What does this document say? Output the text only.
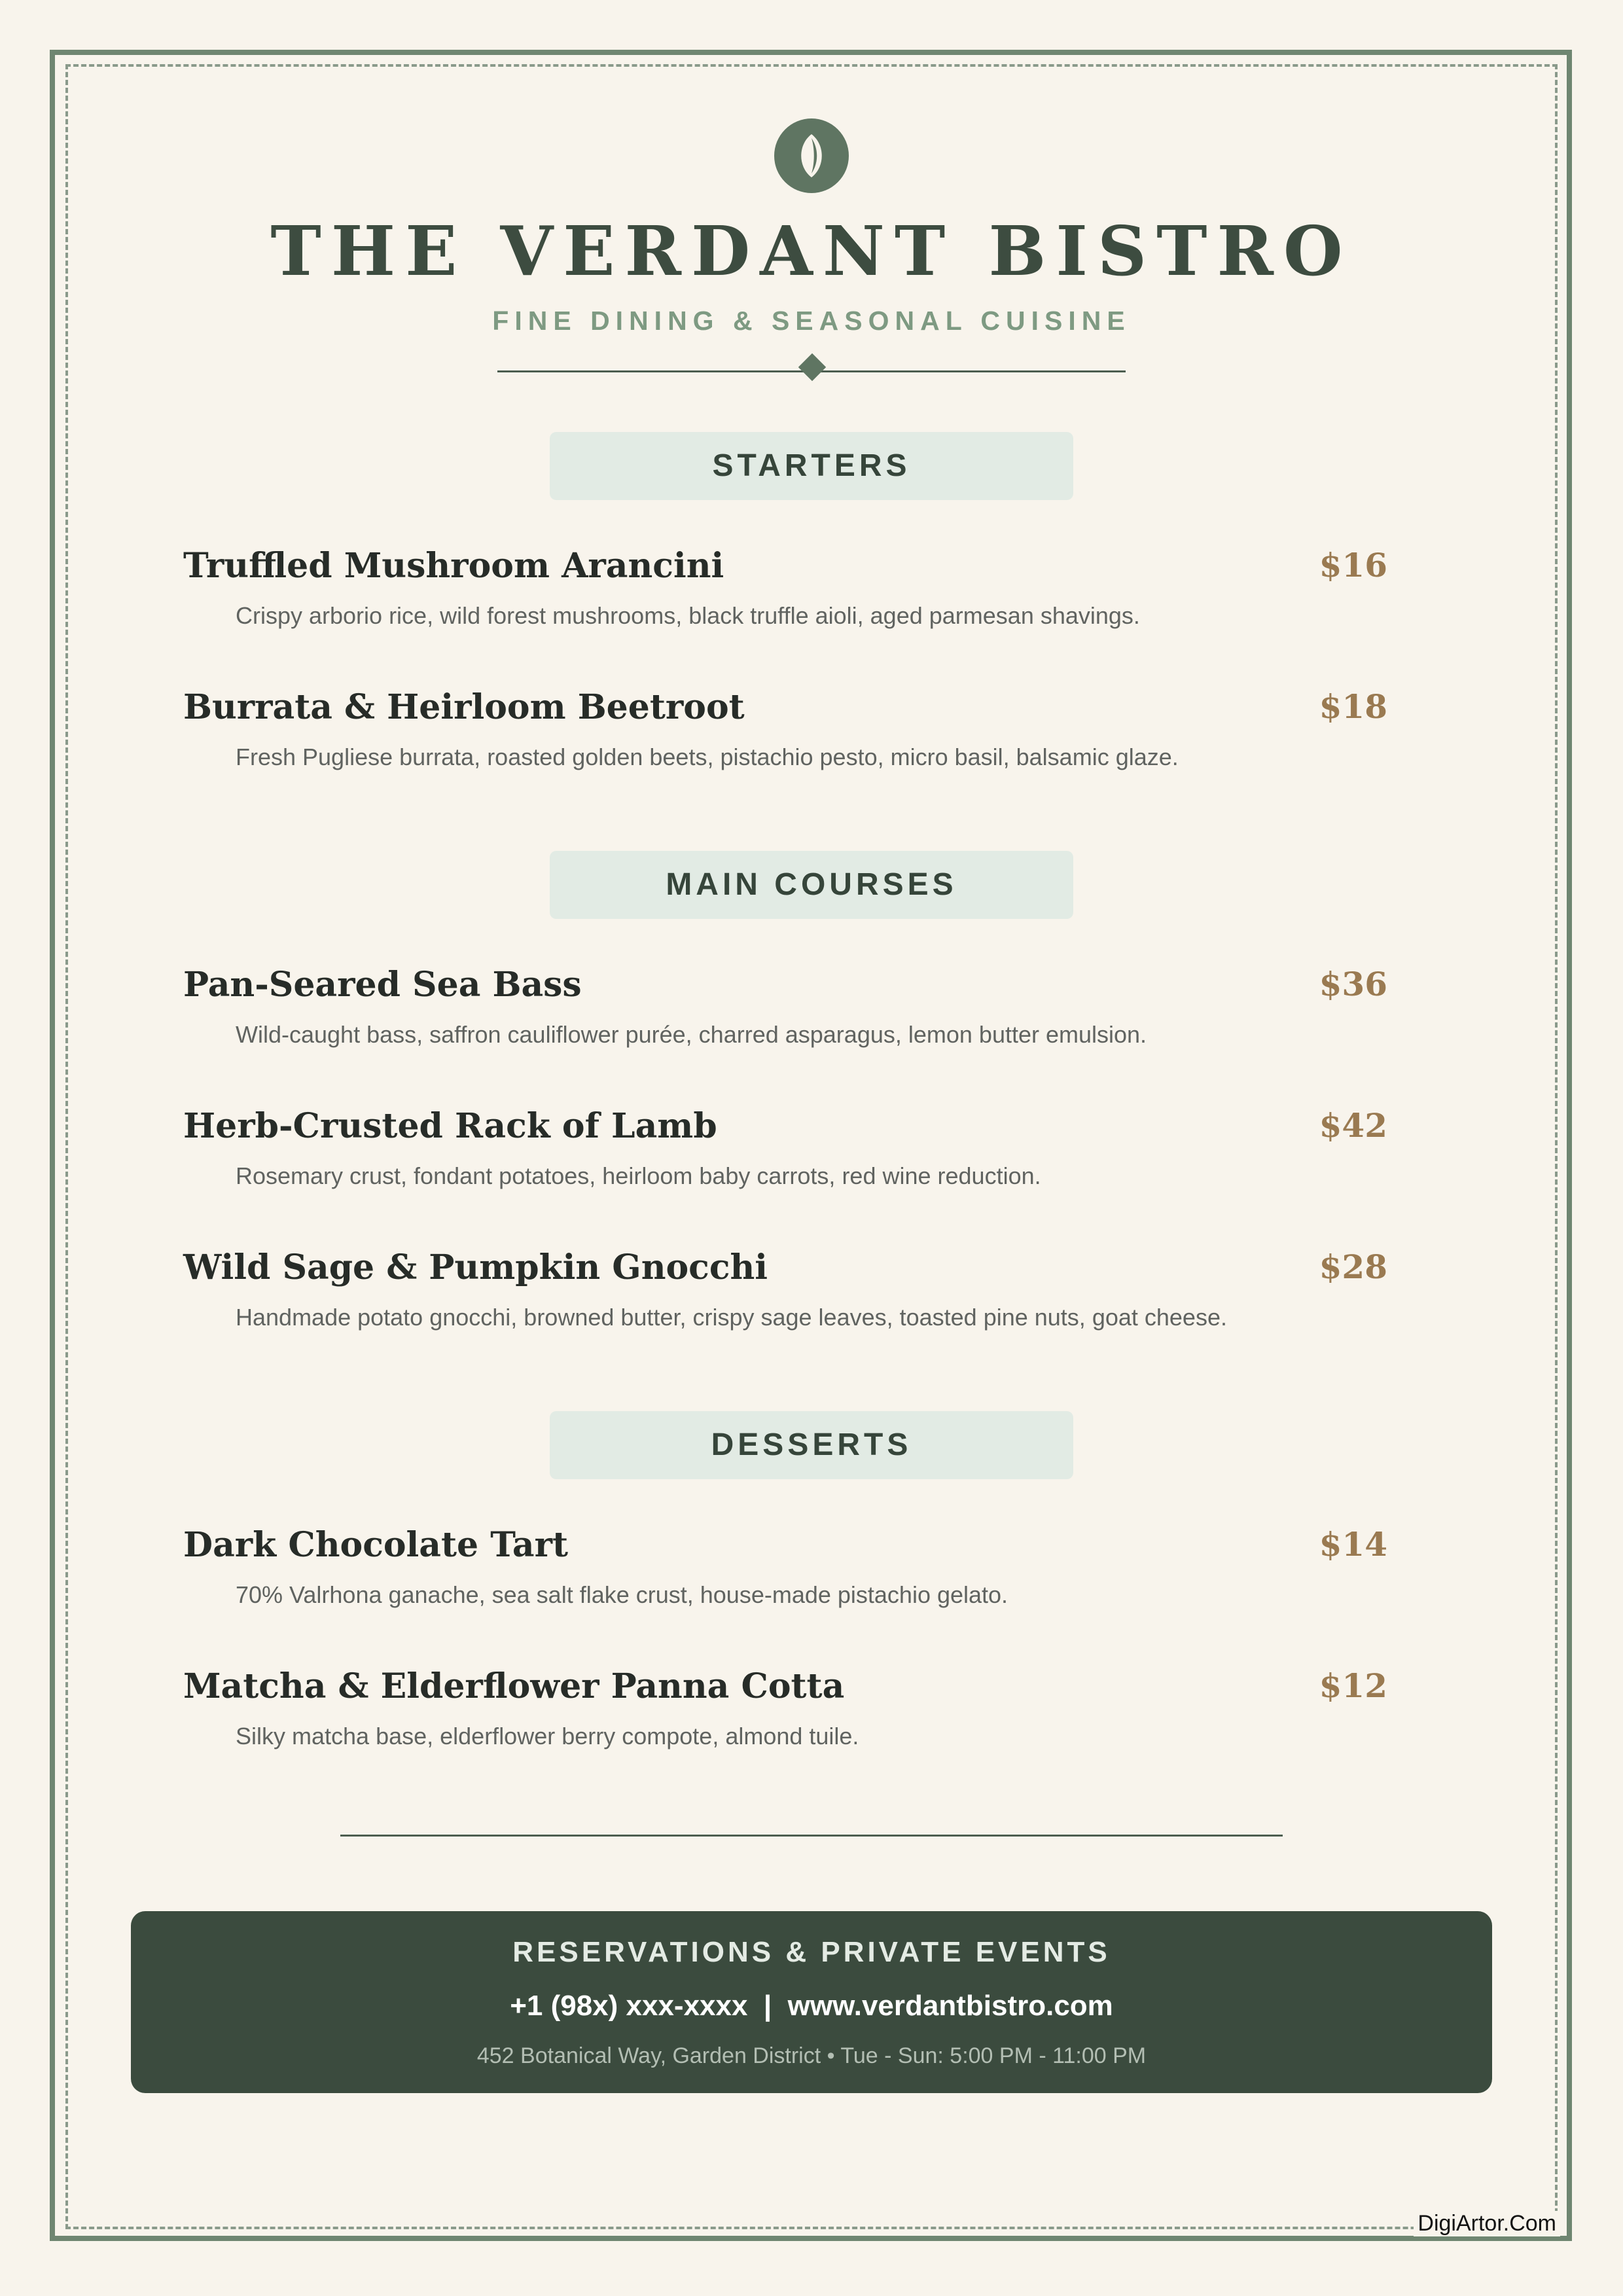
THE VERDANT BISTRO
FINE DINING & SEASONAL CUISINE
STARTERS
Truffled Mushroom Arancini	$16
Crispy arborio rice, wild forest mushrooms, black truffle aioli, aged parmesan shavings.
Burrata & Heirloom Beetroot	$18
Fresh Pugliese burrata, roasted golden beets, pistachio pesto, micro basil, balsamic glaze.
MAIN COURSES
Pan-Seared Sea Bass	$36
Wild-caught bass, saffron cauliflower purée, charred asparagus, lemon butter emulsion.
Herb-Crusted Rack of Lamb	$42
Rosemary crust, fondant potatoes, heirloom baby carrots, red wine reduction.
Wild Sage & Pumpkin Gnocchi	$28
Handmade potato gnocchi, browned butter, crispy sage leaves, toasted pine nuts, goat cheese.
DESSERTS
Dark Chocolate Tart	$14
70% Valrhona ganache, sea salt flake crust, house-made pistachio gelato.
Matcha & Elderflower Panna Cotta	$12
Silky matcha base, elderflower berry compote, almond tuile.
RESERVATIONS & PRIVATE EVENTS
+1 (98x) xxx-xxxx  |  www.verdantbistro.com
452 Botanical Way, Garden District • Tue - Sun: 5:00 PM - 11:00 PM
DigiArtor.Com
